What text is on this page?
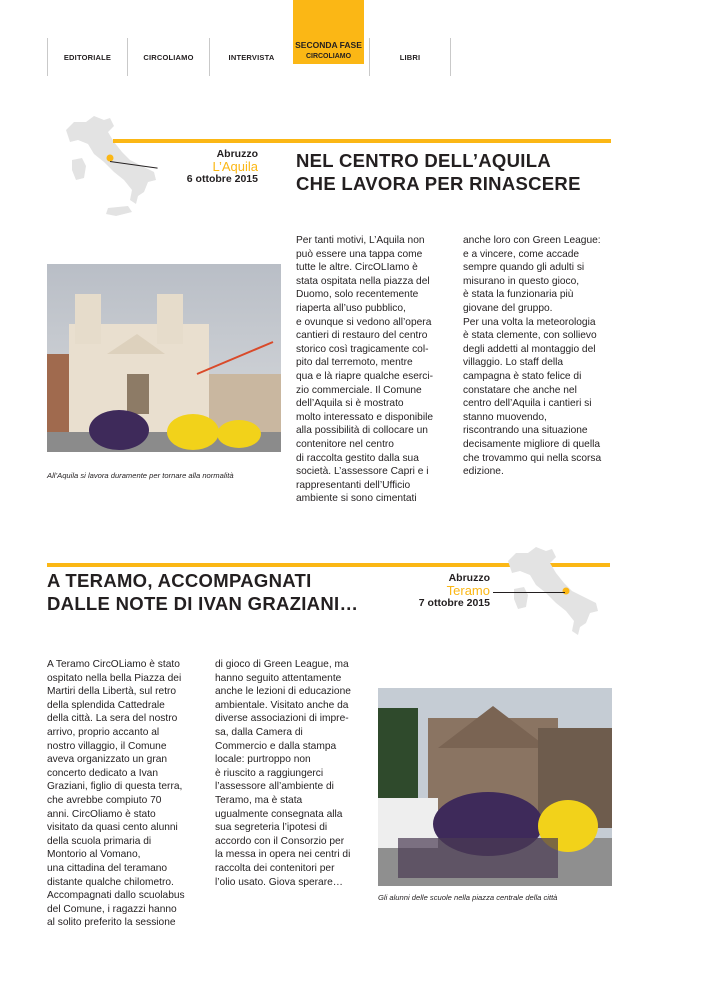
EDITORIALE	CIRCOLIAMO	INTERVISTA
SECONDA FASE
CIRCOLIAMO	LIBRI
Abruzzo
L’Aquila
6 ottobre 2015
NEL CENTRO DELL’AQUILA
CHE LAVORA PER RINASCERE
All’Aquila si lavora duramente per tornare alla normalità
Per tanti motivi, L’Aquila non
può essere una tappa come
tutte le altre. CircOLIamo è
stata ospitata nella piazza del
Duomo, solo recentemente
riaperta all’uso pubblico,
e ovunque si vedono all’opera
cantieri di restauro del centro
storico così tragicamente col-
pito dal terremoto, mentre
qua e là riapre qualche eserci-
zio commerciale. Il Comune
dell’Aquila si è mostrato
molto interessato e disponibile
alla possibilità di collocare un
contenitore nel centro
di raccolta gestito dalla sua
società. L’assessore Capri e i
rappresentanti dell’Ufficio
ambiente si sono cimentati
anche loro con Green League:
e a vincere, come accade
sempre quando gli adulti si
misurano in questo gioco,
è stata la funzionaria più
giovane del gruppo.
Per una volta la meteorologia
è stata clemente, con sollievo
degli addetti al montaggio del
villaggio. Lo staff della
campagna è stato felice di
constatare che anche nel
centro dell’Aquila i cantieri si
stanno muovendo,
riscontrando una situazione
decisamente migliore di quella
che trovammo qui nella scorsa
edizione.
A TERAMO, ACCOMPAGNATI
DALLE NOTE DI IVAN GRAZIANI…
Abruzzo
Teramo
7 ottobre 2015
A Teramo CircOLiamo è stato
ospitato nella bella Piazza dei
Martiri della Libertà, sul retro
della splendida Cattedrale
della città. La sera del nostro
arrivo, proprio accanto al
nostro villaggio, il Comune
aveva organizzato un gran
concerto dedicato a Ivan
Graziani, figlio di questa terra,
che avrebbe compiuto 70
anni. CircOliamo è stato
visitato da quasi cento alunni
della scuola primaria di
Montorio al Vomano,
una cittadina del teramano
distante qualche chilometro.
Accompagnati dallo scuolabus
del Comune, i ragazzi hanno
al solito preferito la sessione
di gioco di Green League, ma
hanno seguito attentamente
anche le lezioni di educazione
ambientale. Visitato anche da
diverse associazioni di impre-
sa, dalla Camera di
Commercio e dalla stampa
locale: purtroppo non
è riuscito a raggiungerci
l’assessore all’ambiente di
Teramo, ma è stata
ugualmente consegnata alla
sua segreteria l’ipotesi di
accordo con il Consorzio per
la messa in opera nei centri di
raccolta dei contenitori per
l’olio usato. Giova sperare…
Gli alunni delle scuole nella piazza centrale della città
